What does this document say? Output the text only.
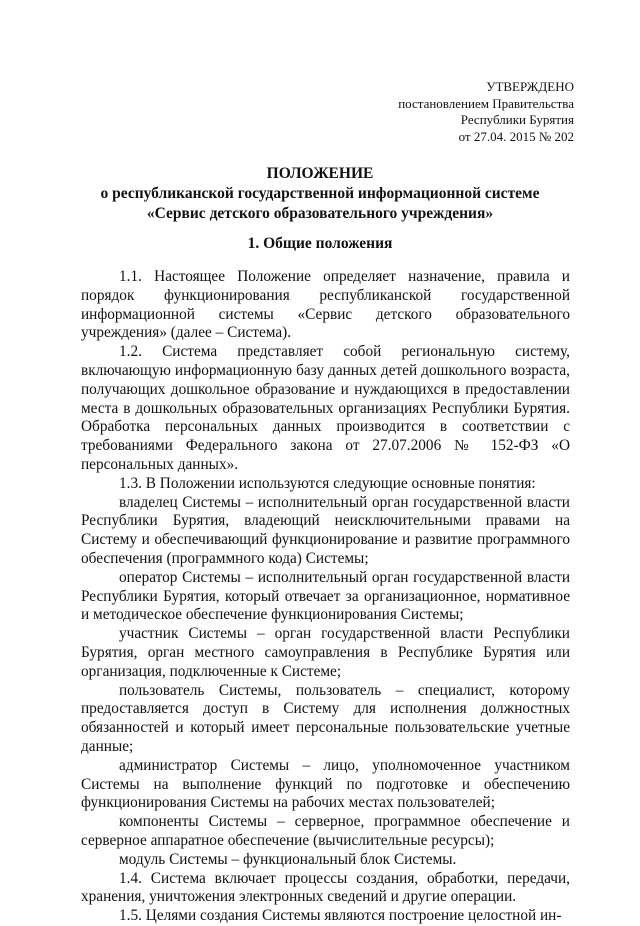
УТВЕРЖДЕНО
постановлением Правительства
Республики Бурятия
от 27.04. 2015 № 202
ПОЛОЖЕНИЕ
о республиканской государственной информационной системе
«Сервис детского образовательного учреждения»
1. Общие положения

1.1. Настоящее Положение определяет назначение, правила и порядок функционирования республиканской государственной информационной системы «Сервис детского образовательного учреждения» (далее – Система).

1.2. Система представляет собой региональную систему, включающую информационную базу данных детей дошкольного возраста, получающих дошкольное образование и нуждающихся в предоставлении места в дошкольных образовательных организациях Республики Бурятия. Обработка персональных данных производится в соответствии с требованиями Федерального закона от 27.07.2006 № 152-ФЗ «О персональных данных».

1.3. В Положении используются следующие основные понятия:

владелец Системы – исполнительный орган государственной власти Республики Бурятия, владеющий неисключительными правами на Систему и обеспечивающий функционирование и развитие программного обеспечения (программного кода) Системы;

оператор Системы – исполнительный орган государственной власти Республики Бурятия, который отвечает за организационное, нормативное и методическое обеспечение функционирования Системы;

участник Системы – орган государственной власти Республики Бурятия, орган местного самоуправления в Республике Бурятия или организация, подключенные к Системе;

пользователь Системы, пользователь – специалист, которому предоставляется доступ в Систему для исполнения должностных обязанностей и который имеет персональные пользовательские учетные данные;

администратор Системы – лицо, уполномоченное участником Системы на выполнение функций по подготовке и обеспечению функционирования Системы на рабочих местах пользователей;

компоненты Системы – серверное, программное обеспечение и серверное аппаратное обеспечение (вычислительные ресурсы);

модуль Системы – функциональный блок Системы.

1.4. Система включает процессы создания, обработки, передачи, хранения, уничтожения электронных сведений и другие операции.

1.5. Целями создания Системы являются построение целостной ин-
